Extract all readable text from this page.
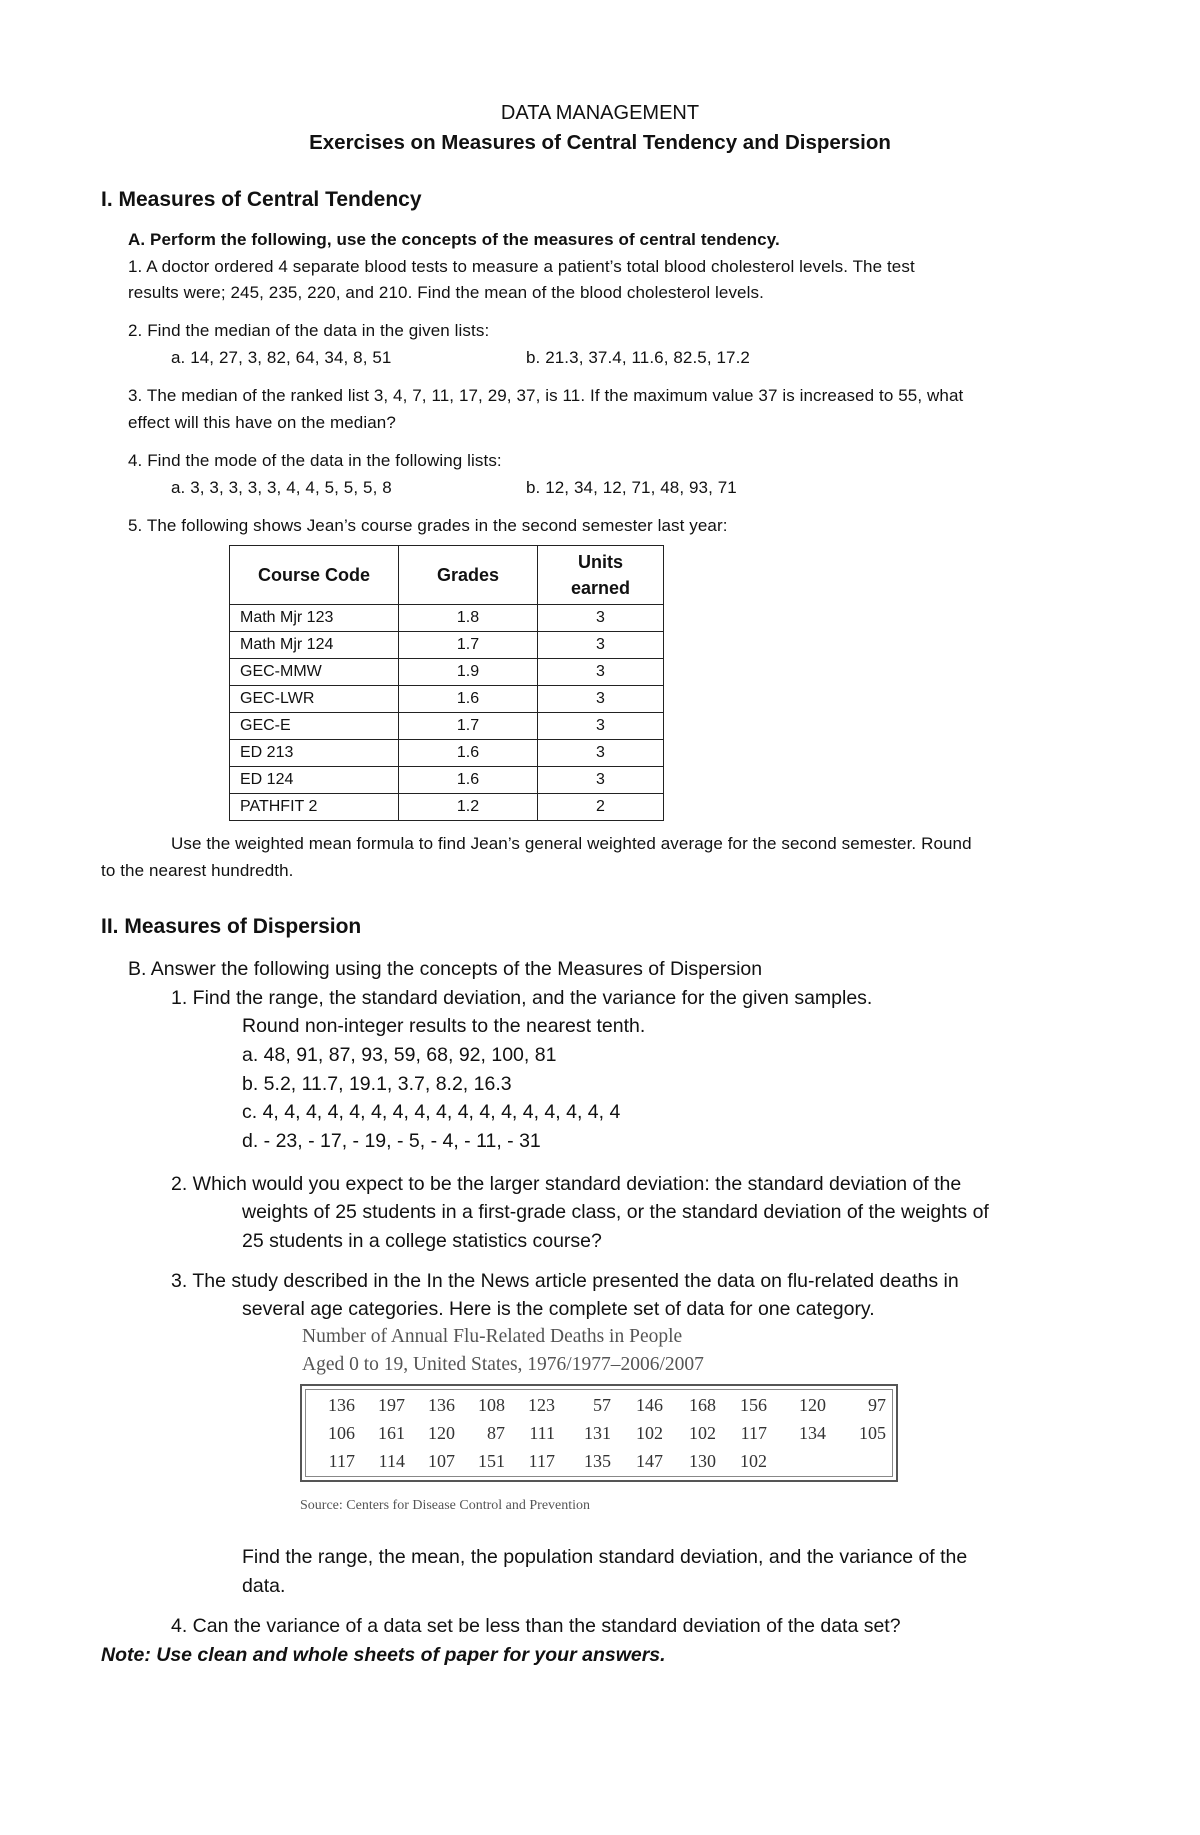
DATA MANAGEMENT
Exercises on Measures of Central Tendency and Dispersion
I. Measures of Central Tendency
A. Perform the following, use the concepts of the measures of central tendency.
1. A doctor ordered 4 separate blood tests to measure a patient’s total blood cholesterol levels. The test
results were; 245, 235, 220, and 210. Find the mean of the blood cholesterol levels.
2. Find the median of the data in the given lists:
a. 14, 27, 3, 82, 64, 34, 8, 51	b. 21.3, 37.4, 11.6, 82.5, 17.2
3. The median of the ranked list 3, 4, 7, 11, 17, 29, 37, is 11. If the maximum value 37 is increased to 55, what
effect will this have on the median?
4. Find the mode of the data in the following lists:
a. 3, 3, 3, 3, 3, 4, 4, 5, 5, 5, 8	b. 12, 34, 12, 71, 48, 93, 71
5. The following shows Jean’s course grades in the second semester last year:
Course Code	Grades	Units earned
Math Mjr 123	1.8	3
Math Mjr 124	1.7	3
GEC-MMW	1.9	3
GEC-LWR	1.6	3
GEC-E	1.7	3
ED 213	1.6	3
ED 124	1.6	3
PATHFIT 2	1.2	2
Use the weighted mean formula to find Jean’s general weighted average for the second semester. Round
to the nearest hundredth.
II. Measures of Dispersion
B. Answer the following using the concepts of the Measures of Dispersion
1. Find the range, the standard deviation, and the variance for the given samples.
Round non-integer results to the nearest tenth.
a. 48, 91, 87, 93, 59, 68, 92, 100, 81
b. 5.2, 11.7, 19.1, 3.7, 8.2, 16.3
c. 4, 4, 4, 4, 4, 4, 4, 4, 4, 4, 4, 4, 4, 4, 4, 4, 4
d. - 23, - 17, - 19, - 5, - 4, - 11, - 31
2. Which would you expect to be the larger standard deviation: the standard deviation of the
weights of 25 students in a first-grade class, or the standard deviation of the weights of
25 students in a college statistics course?
3. The study described in the In the News article presented the data on flu-related deaths in
several age categories. Here is the complete set of data for one category.
Number of Annual Flu-Related Deaths in People
Aged 0 to 19, United States, 1976/1977–2006/2007
136	197	136	108	123	57	146	168	156	120	97
106	161	120	87	111	131	102	102	117	134	105
117	114	107	151	117	135	147	130	102
Source: Centers for Disease Control and Prevention
Find the range, the mean, the population standard deviation, and the variance of the
data.
4. Can the variance of a data set be less than the standard deviation of the data set?
Note: Use clean and whole sheets of paper for your answers.
